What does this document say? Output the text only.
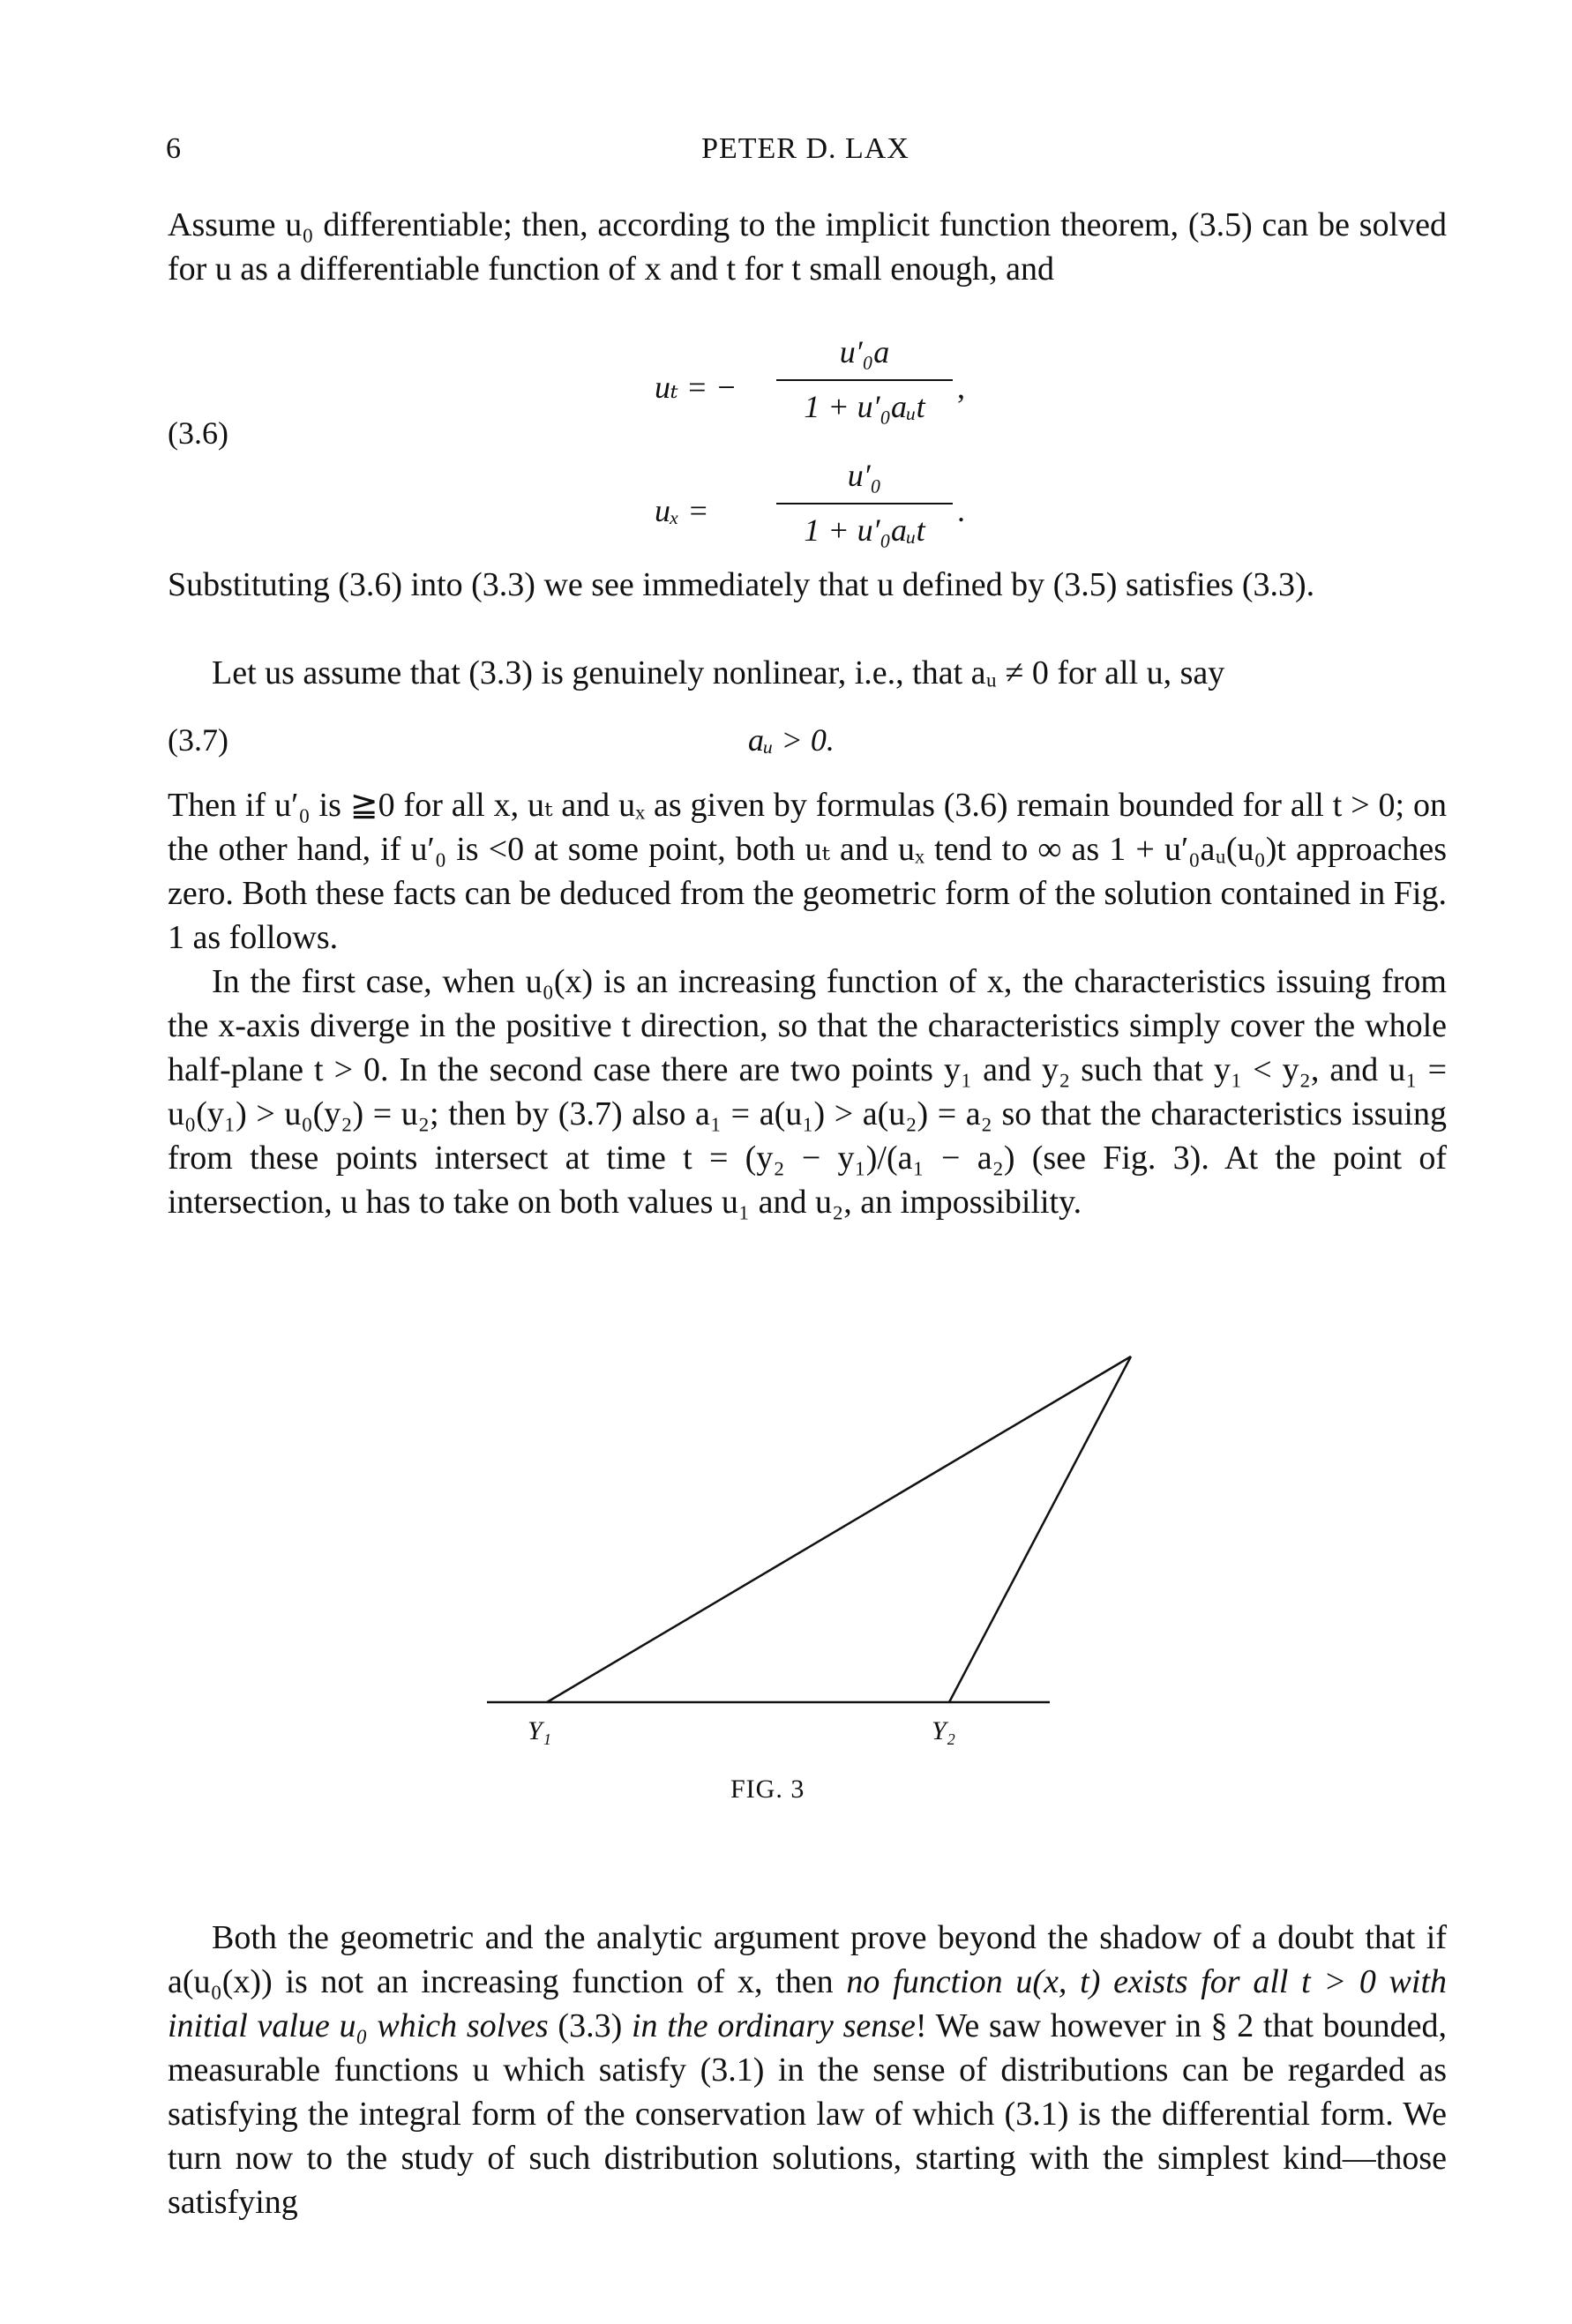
6	PETER D. LAX

Assume u₀ differentiable; then, according to the implicit function theorem, (3.5) can be solved for u as a differentiable function of x and t for t small enough, and

(3.6)
uₜ = −
u′₀a
1 + u′₀aᵤt
,
uₓ =
u′₀
1 + u′₀aᵤt
.

Substituting (3.6) into (3.3) we see immediately that u defined by (3.5) satisfies (3.3).

Let us assume that (3.3) is genuinely nonlinear, i.e., that aᵤ ≠ 0 for all u, say

(3.7)	aᵤ > 0.

Then if u′₀ is ≧0 for all x, uₜ and uₓ as given by formulas (3.6) remain bounded for all t > 0; on the other hand, if u′₀ is <0 at some point, both uₜ and uₓ tend to ∞ as 1 + u′₀aᵤ(u₀)t approaches zero. Both these facts can be deduced from the geometric form of the solution contained in Fig. 1 as follows.

In the first case, when u₀(x) is an increasing function of x, the characteristics issuing from the x-axis diverge in the positive t direction, so that the characteristics simply cover the whole half-plane t > 0. In the second case there are two points y₁ and y₂ such that y₁ < y₂, and u₁ = u₀(y₁) > u₀(y₂) = u₂; then by (3.7) also a₁ = a(u₁) > a(u₂) = a₂ so that the characteristics issuing from these points intersect at time t = (y₂ − y₁)/(a₁ − a₂) (see Fig. 3). At the point of intersection, u has to take on both values u₁ and u₂, an impossibility.

Y₁	Y₂
FIG. 3

Both the geometric and the analytic argument prove beyond the shadow of a doubt that if a(u₀(x)) is not an increasing function of x, then no function u(x, t) exists for all t > 0 with initial value u₀ which solves (3.3) in the ordinary sense! We saw however in § 2 that bounded, measurable functions u which satisfy (3.1) in the sense of distributions can be regarded as satisfying the integral form of the conservation law of which (3.1) is the differential form. We turn now to the study of such distribution solutions, starting with the simplest kind—those satisfying
